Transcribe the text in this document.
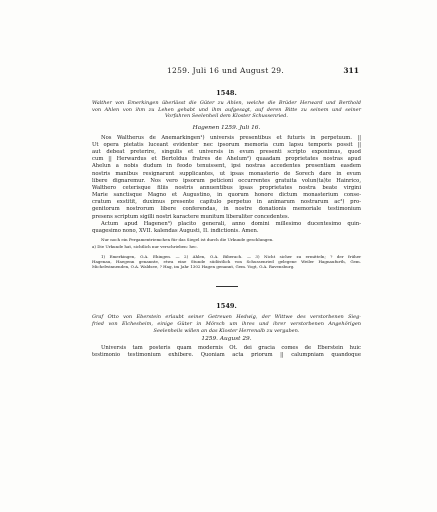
1259. Juli 16 und August 29.	311

1548.

Walther von Emerkingen überlässt die Güter zu Ahlen, welche die Brüder Herward und Berthold
von Ahlen von ihm zu Lehen gehabt und ihm aufgesagt, auf deren Bitte zu seinem und seiner
Vorfahren Seelenheil dem Kloster Schussenried.

Hagenen 1259. Juli 16.

Nos Waltherus de Anemarkingen¹) universis presentibus et futuris in perpetuum. ||
Ut opera pietatis luceant evidenter nec ipsorum memoria cum lapsu temporis possit ||
aut debeat preterire, singulis et universis in evum presenti scripto exponimus, quod
cum || Herwardus et Bertoldus fratres de Ahelum²) quaadam proprietates nostras apud
Ahelun a nobis dudum in feodo tenuissent, ipsi nostras accedentes presentiam easdem
nostris manibus resignarunt supplicantes, ut ipsas monasterio de Sorech dare in evum
libere dignaremur. Nos vero ipsorum peticioni occurrentes gratuita volun(ta)te Hainrico,
Walthero ceterisque filiis nostris annuentibus ipsas proprietates nostra beate virgini
Marie sanctisque Magno et Augustino, in quorum honore dictum monasterium conse-
cratum exstitit, duximus presente capitulo perpetuo in animarum nostrarum ac³) pro-
genitorum nostrorum libere conferendas, in nostre donationis memoriale testimonium
presens scriptum sigilli nostri karactere munitum liberaliter concedentes.
Actum apud Hagenen³) placito generali, anno domini millesimo ducentesimo quin-
quagesimo nono, XVII. kalendas Augusti, II. indictionis. Amen.

Nur noch ein Pergamentriemchen für das Siegel ist durch die Urkunde geschlungen.

a) Die Urkunde hat, sichtlich nur verschrieben: hec.

1) Emerkingen, O.A. Ehingen. — 2) Ahlen, O.A. Biberach. — 3) Nicht sicher zu ermitteln; ? der früher
Hagenau, Haegenn genannte, etwa eine Stunde südöstlich von Schussenried gelegene Weiler Hagnaufurth, Gem.
Michelwinnenden, O.A. Waldsee, ? Hag, im Jahr 1302 Hagen genannt, Gem. Vogt, O.A. Ravensburg.

1549.

Graf Otto von Eberstein erlaubt seiner Getreuen Hedwig, der Wittwe des verstorbenen Sieg-
fried von Elchesheim, einige Güter in Mörsch um ihres und ihrer verstorbenen Angehörigen
Seelenheils willen an das Kloster Herrenalb zu vergaben.

1259. August 29.

Universis tam posteris quam modernis Ot. dei gracia comes de Eberstein huic
testimonio testimonium exhibere. Quoniam acta priorum || calumpniam quandoque
